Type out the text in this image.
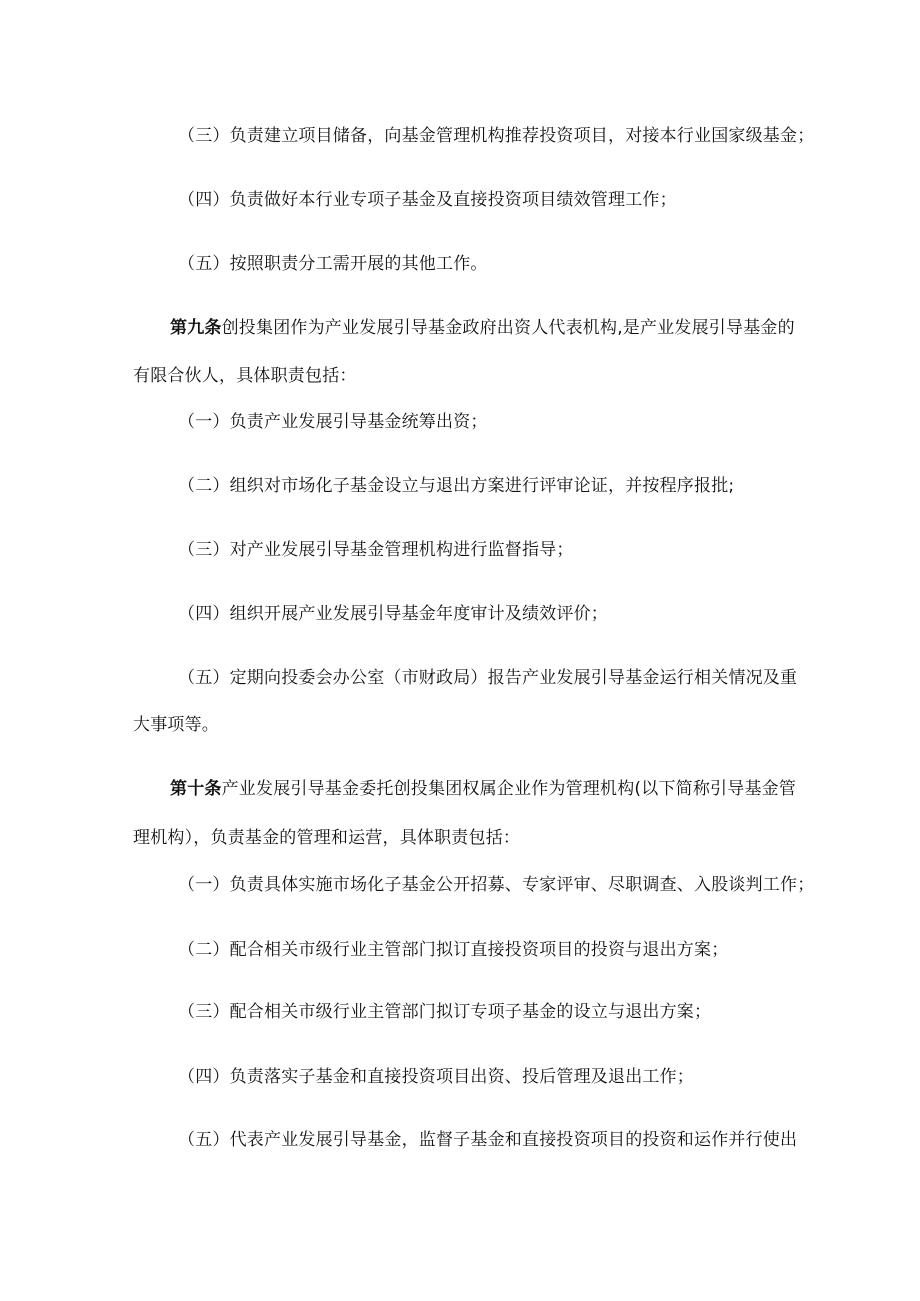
（三）负责建立项目储备，向基金管理机构推荐投资项目，对接本行业国家级基金；
（四）负责做好本行业专项子基金及直接投资项目绩效管理工作；
（五）按照职责分工需开展的其他工作。
第九条创投集团作为产业发展引导基金政府出资人代表机构,是产业发展引导基金的
有限合伙人，具体职责包括：
（一）负责产业发展引导基金统筹出资；
（二）组织对市场化子基金设立与退出方案进行评审论证，并按程序报批;
（三）对产业发展引导基金管理机构进行监督指导；
（四）组织开展产业发展引导基金年度审计及绩效评价；
（五）定期向投委会办公室（市财政局）报告产业发展引导基金运行相关情况及重
大事项等。
第十条产业发展引导基金委托创投集团权属企业作为管理机构(以下简称引导基金管
理机构），负责基金的管理和运营，具体职责包括：
（一）负责具体实施市场化子基金公开招募、专家评审、尽职调查、入股谈判工作；
（二）配合相关市级行业主管部门拟订直接投资项目的投资与退出方案；
（三）配合相关市级行业主管部门拟订专项子基金的设立与退出方案；
（四）负责落实子基金和直接投资项目出资、投后管理及退出工作；
（五）代表产业发展引导基金，监督子基金和直接投资项目的投资和运作并行使出
